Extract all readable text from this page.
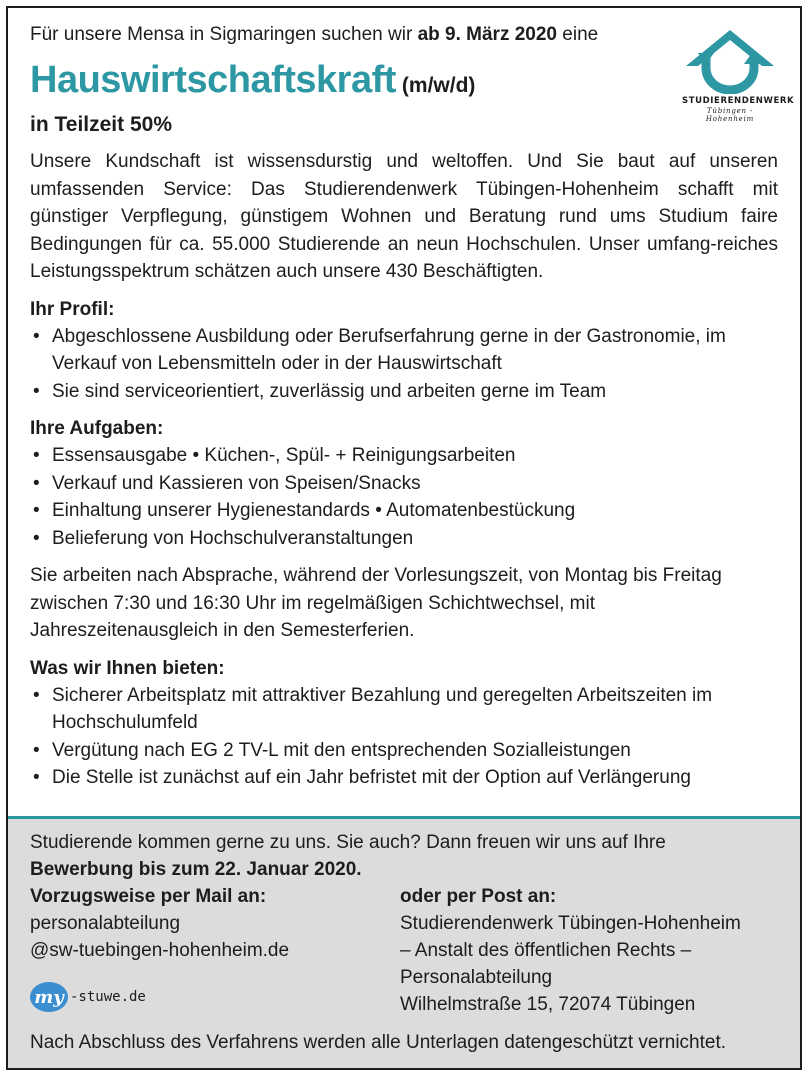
Für unsere Mensa in Sigmaringen suchen wir ab 9. März 2020 eine

Hauswirtschaftskraft (m/w/d)
in Teilzeit 50%
STUDIERENDENWERK
Tübingen - Hohenheim

Unsere Kundschaft ist wissensdurstig und weltoffen. Und Sie baut auf unseren umfassenden Service: Das Studierendenwerk Tübingen-Hohenheim schafft mit günstiger Verpflegung, günstigem Wohnen und Beratung rund ums Studium faire Bedingungen für ca. 55.000 Studierende an neun Hochschulen. Unser umfang-reiches Leistungsspektrum schätzen auch unsere 430 Beschäftigten.

Ihr Profil:
• Abgeschlossene Ausbildung oder Berufserfahrung gerne in der Gastronomie, im Verkauf von Lebensmitteln oder in der Hauswirtschaft
• Sie sind serviceorientiert, zuverlässig und arbeiten gerne im Team
Ihre Aufgaben:
• Essensausgabe • Küchen-, Spül- + Reinigungsarbeiten
• Verkauf und Kassieren von Speisen/Snacks
• Einhaltung unserer Hygienestandards • Automatenbestückung
• Belieferung von Hochschulveranstaltungen

Sie arbeiten nach Absprache, während der Vorlesungszeit, von Montag bis Freitag zwischen 7:30 und 16:30 Uhr im regelmäßigen Schichtwechsel, mit Jahreszeitenausgleich in den Semesterferien.

Was wir Ihnen bieten:
• Sicherer Arbeitsplatz mit attraktiver Bezahlung und geregelten Arbeitszeiten im Hochschulumfeld
• Vergütung nach EG 2 TV-L mit den entsprechenden Sozialleistungen
• Die Stelle ist zunächst auf ein Jahr befristet mit der Option auf Verlängerung

Studierende kommen gerne zu uns. Sie auch? Dann freuen wir uns auf Ihre

Bewerbung bis zum 22. Januar 2020.

Vorzugsweise per Mail an:
personalabteilung
@sw-tuebingen-hohenheim.de
my -stuwe.de
oder per Post an:
Studierendenwerk Tübingen-Hohenheim
– Anstalt des öffentlichen Rechts –
Personalabteilung
Wilhelmstraße 15, 72074 Tübingen
Nach Abschluss des Verfahrens werden alle Unterlagen datengeschützt vernichtet.
